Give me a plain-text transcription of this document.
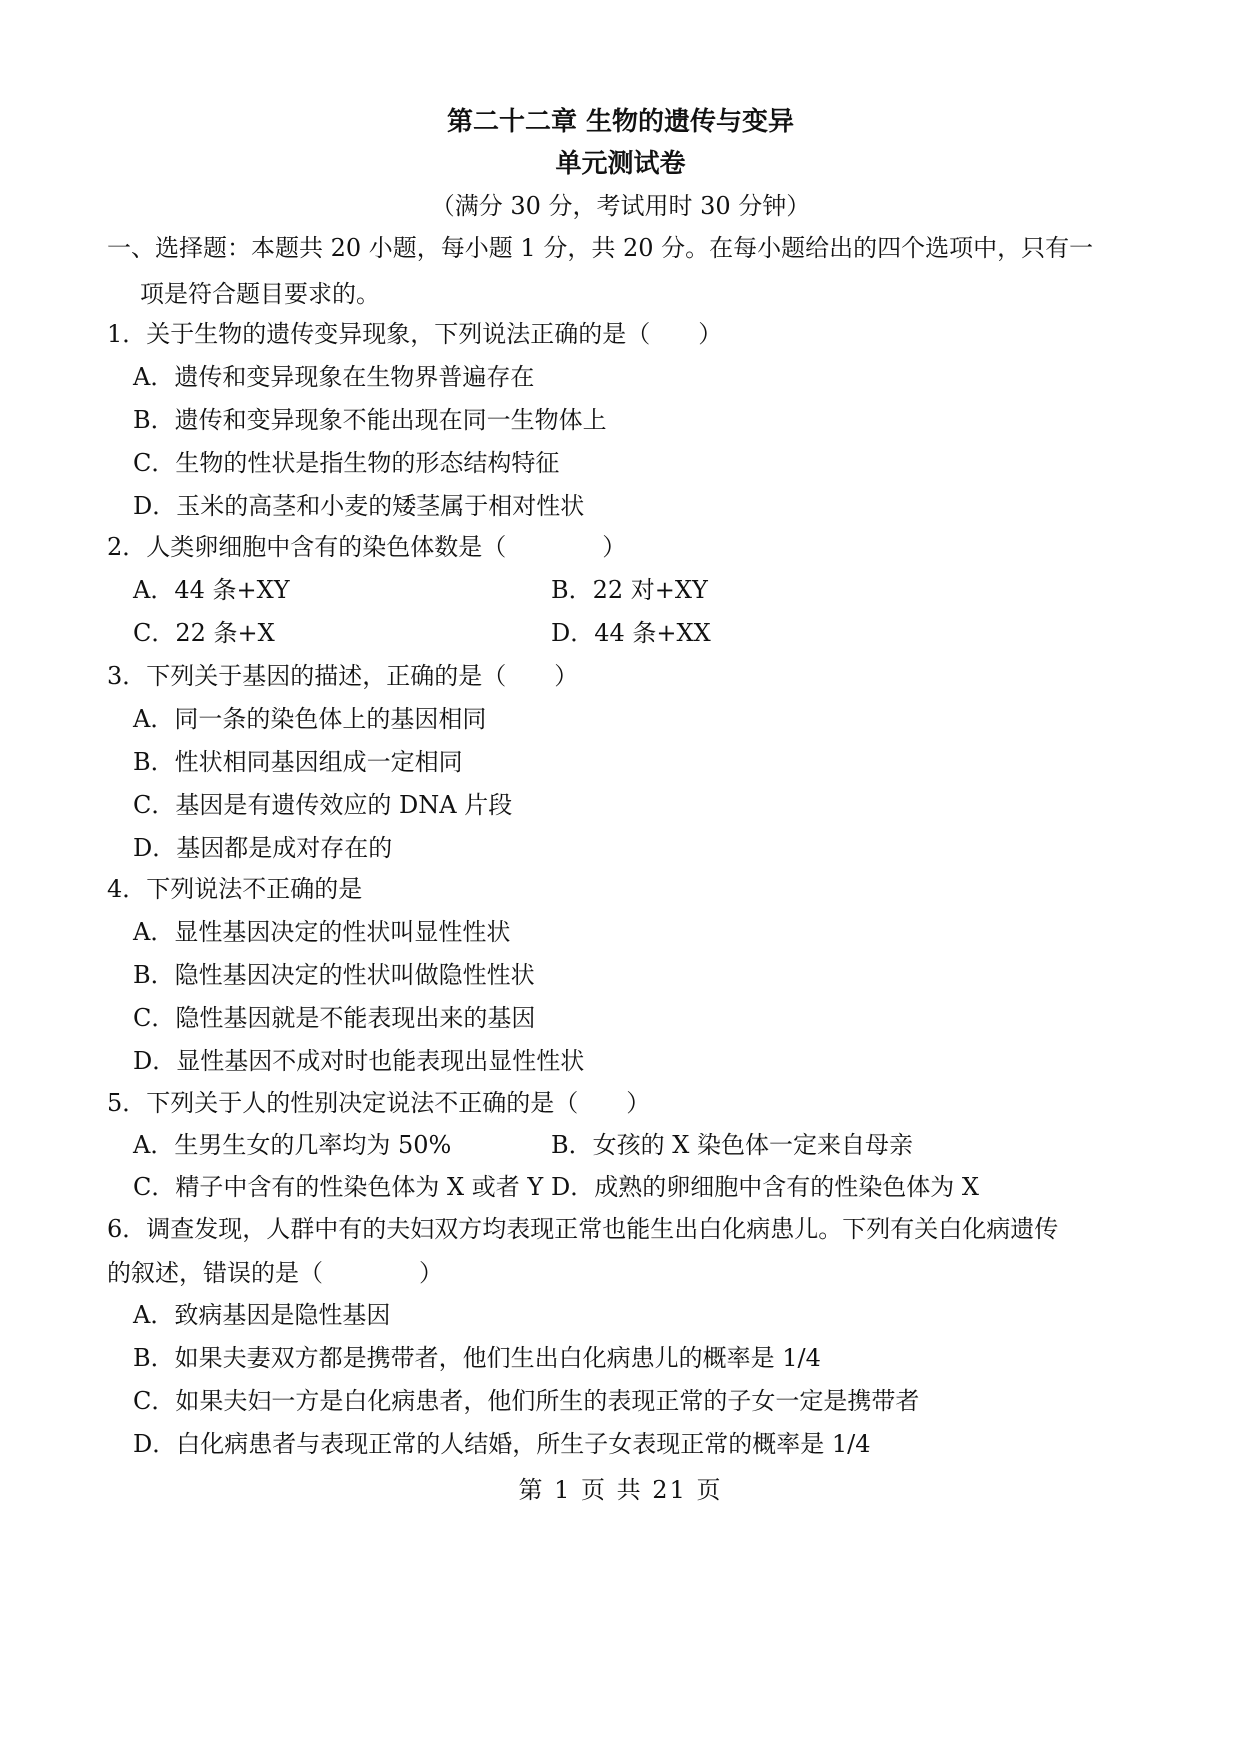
第二十二章 生物的遗传与变异
单元测试卷
（满分 30 分，考试用时 30 分钟）
一、选择题：本题共 20 小题，每小题 1 分，共 20 分。在每小题给出的四个选项中，只有一
项是符合题目要求的。
1．关于生物的遗传变异现象，下列说法正确的是（　　）
A．遗传和变异现象在生物界普遍存在
B．遗传和变异现象不能出现在同一生物体上
C．生物的性状是指生物的形态结构特征
D．玉米的高茎和小麦的矮茎属于相对性状
2．人类卵细胞中含有的染色体数是（　　　　）
A．44 条+XY	B．22 对+XY
C．22 条+X	D．44 条+XX
3．下列关于基因的描述，正确的是（　　）
A．同一条的染色体上的基因相同
B．性状相同基因组成一定相同
C．基因是有遗传效应的 DNA 片段
D．基因都是成对存在的
4．下列说法不正确的是
A．显性基因决定的性状叫显性性状
B．隐性基因决定的性状叫做隐性性状
C．隐性基因就是不能表现出来的基因
D．显性基因不成对时也能表现出显性性状
5．下列关于人的性别决定说法不正确的是（　　）
A．生男生女的几率均为 50%	B．女孩的 X 染色体一定来自母亲
C．精子中含有的性染色体为 X 或者 Y D．成熟的卵细胞中含有的性染色体为 X
6．调查发现，人群中有的夫妇双方均表现正常也能生出白化病患儿。下列有关白化病遗传
的叙述，错误的是（　　　　）
A．致病基因是隐性基因
B．如果夫妻双方都是携带者，他们生出白化病患儿的概率是 1/4
C．如果夫妇一方是白化病患者，他们所生的表现正常的子女一定是携带者
D．白化病患者与表现正常的人结婚，所生子女表现正常的概率是 1/4
第 1 页 共 21 页
